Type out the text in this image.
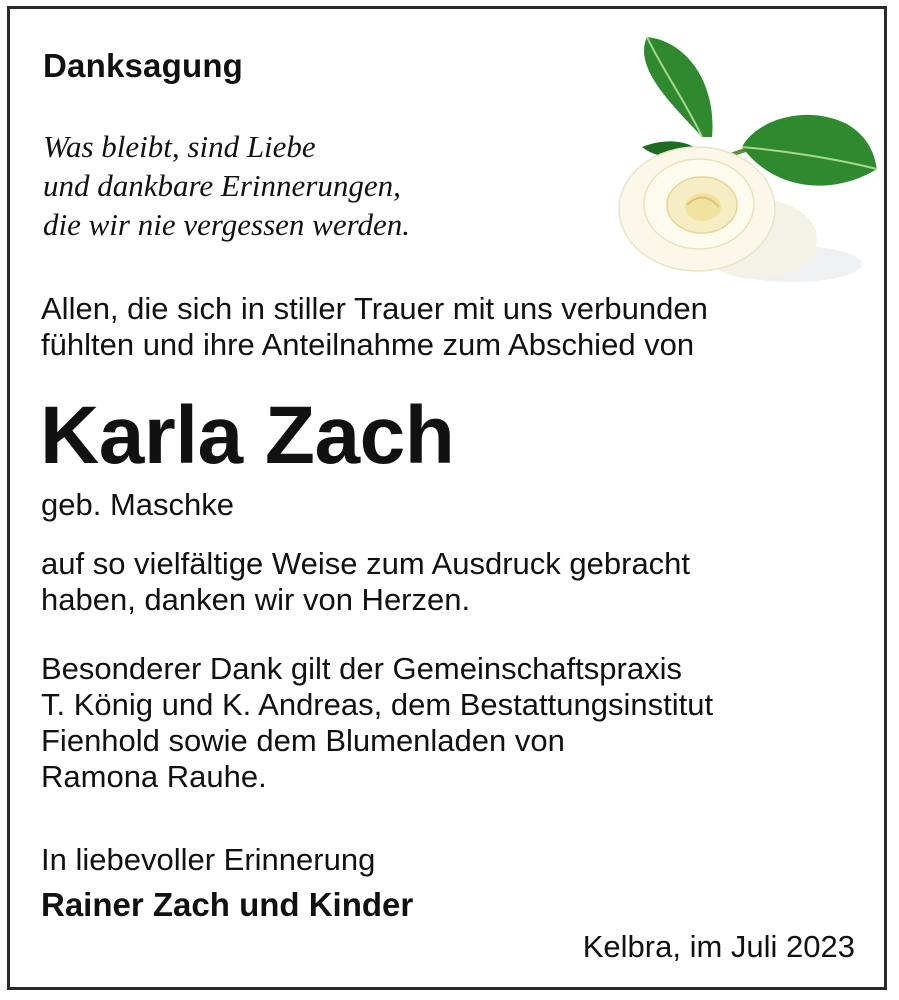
Danksagung
Was bleibt, sind Liebe
und dankbare Erinnerungen,
die wir nie vergessen werden.
Allen, die sich in stiller Trauer mit uns verbunden
fühlten und ihre Anteilnahme zum Abschied von
Karla Zach
geb. Maschke
auf so vielfältige Weise zum Ausdruck gebracht
haben, danken wir von Herzen.
Besonderer Dank gilt der Gemeinschaftspraxis
T. König und K. Andreas, dem Bestattungsinstitut
Fienhold sowie dem Blumenladen von
Ramona Rauhe.
In liebevoller Erinnerung
Rainer Zach und Kinder
Kelbra, im Juli 2023
